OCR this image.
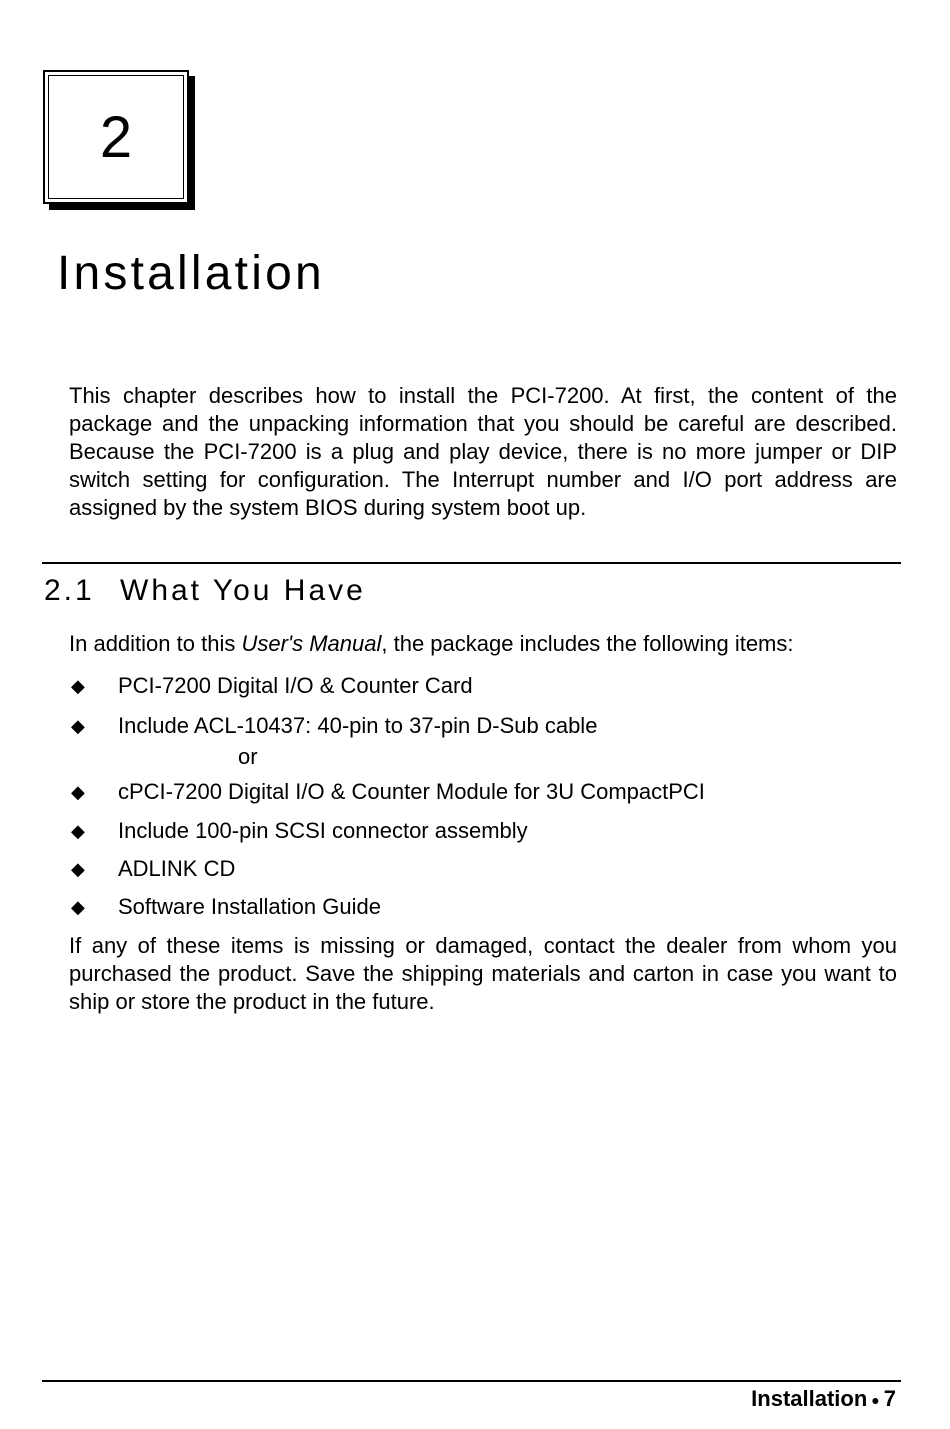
2
Installation

This chapter describes how to install the PCI-7200. At first, the content of the package and the unpacking information that you should be careful are described. Because the PCI-7200 is a plug and play device, there is no more jumper or DIP switch setting for configuration. The Interrupt number and I/O port address are assigned by the system BIOS during system boot up.

2.1 What You Have

In addition to this User's Manual, the package includes the following items:

◆ PCI-7200 Digital I/O & Counter Card
◆ Include ACL-10437: 40-pin to 37-pin D-Sub cable
◆ cPCI-7200 Digital I/O & Counter Module for 3U CompactPCI
◆ Include 100-pin SCSI connector assembly
◆ ADLINK CD
◆ Software Installation Guide
or

If any of these items is missing or damaged, contact the dealer from whom you purchased the product. Save the shipping materials and carton in case you want to ship or store the product in the future.

Installation ● 7
